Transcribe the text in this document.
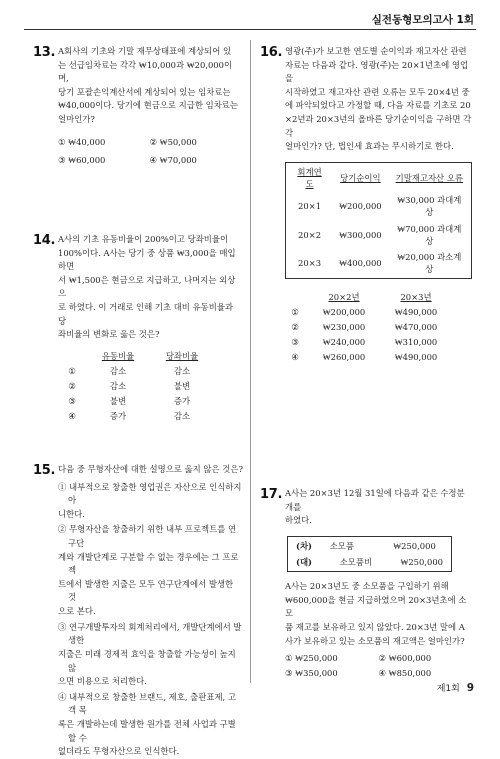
실전동형모의고사 1회
13. A회사의 기초와 기말 재무상태표에 계상되어 있
는 선급임차료는 각각 ₩10,000과 ₩20,000이며,
당기 포괄손익계산서에 계상되어 있는 임차료는
₩40,000이다. 당기에 현금으로 지급한 임차료는
얼마인가?
① ₩40,000	② ₩50,000
③ ₩60,000	④ ₩70,000
14. A사의 기초 유동비율이 200%이고 당좌비율이
100%이다. A사는 당기 중 상품 ₩3,000을 매입하면
서 ₩1,500은 현금으로 지급하고, 나머지는 외상으
로 하였다. 이 거래로 인해 기초 대비 유동비율과 당
좌비율의 변화로 옳은 것은?
	유동비율	당좌비율
①	감소	감소
②	감소	불변
③	불변	증가
④	증가	감소
15. 다음 중 무형자산에 대한 설명으로 옳지 않은 것은?
① 내부적으로 창출한 영업권은 자산으로 인식하지 아
니한다.
② 무형자산을 창출하기 위한 내부 프로젝트를 연구단
계와 개발단계로 구분할 수 없는 경우에는 그 프로젝
트에서 발생한 지출은 모두 연구단계에서 발생한 것
으로 본다.
③ 연구개발투자의 회계처리에서, 개발단계에서 발생한
지출은 미래 경제적 효익을 창출할 가능성이 높지 않
으면 비용으로 처리한다.
④ 내부적으로 창출한 브랜드, 제호, 출판표제, 고객 목
록은 개발하는데 발생한 원가를 전체 사업과 구별할 수
없더라도 무형자산으로 인식한다.
16. 영광(주)가 보고한 연도별 순이익과 재고자산 관련
자료는 다음과 같다. 영광(주)는 20×1년초에 영업을
시작하였고 재고자산 관련 오류는 모두 20×4년 중
에 파악되었다고 가정할 때, 다음 자료를 기초로 20
×2년과 20×3년의 올바른 당기순이익을 구하면 각각
얼마인가? 단, 법인세 효과는 무시하기로 한다.
회계연도	당기순이익	기말재고자산 오류
20×1	₩200,000	₩30,000 과대계상
20×2	₩300,000	₩70,000 과대계상
20×3	₩400,000	₩20,000 과소계상
	20×2년	20×3년
①	₩200,000	₩490,000
②	₩230,000	₩470,000
③	₩240,000	₩310,000
④	₩260,000	₩490,000
17. A사는 20×3년 12월 31일에 다음과 같은 수정분개를
하였다.
(차)	소모품	₩250,000
(대)	소모품비	₩250,000
A사는 20×3년도 중 소모품을 구입하기 위해
₩600,000을 현금 지급하였으며 20×3년초에 소모
품 재고를 보유하고 있지 않았다. 20×3년 말에 A
사가 보유하고 있는 소모품의 재고액은 얼마인가?
① ₩250,000	② ₩600,000
③ ₩350,000	④ ₩850,000
제1회 9
